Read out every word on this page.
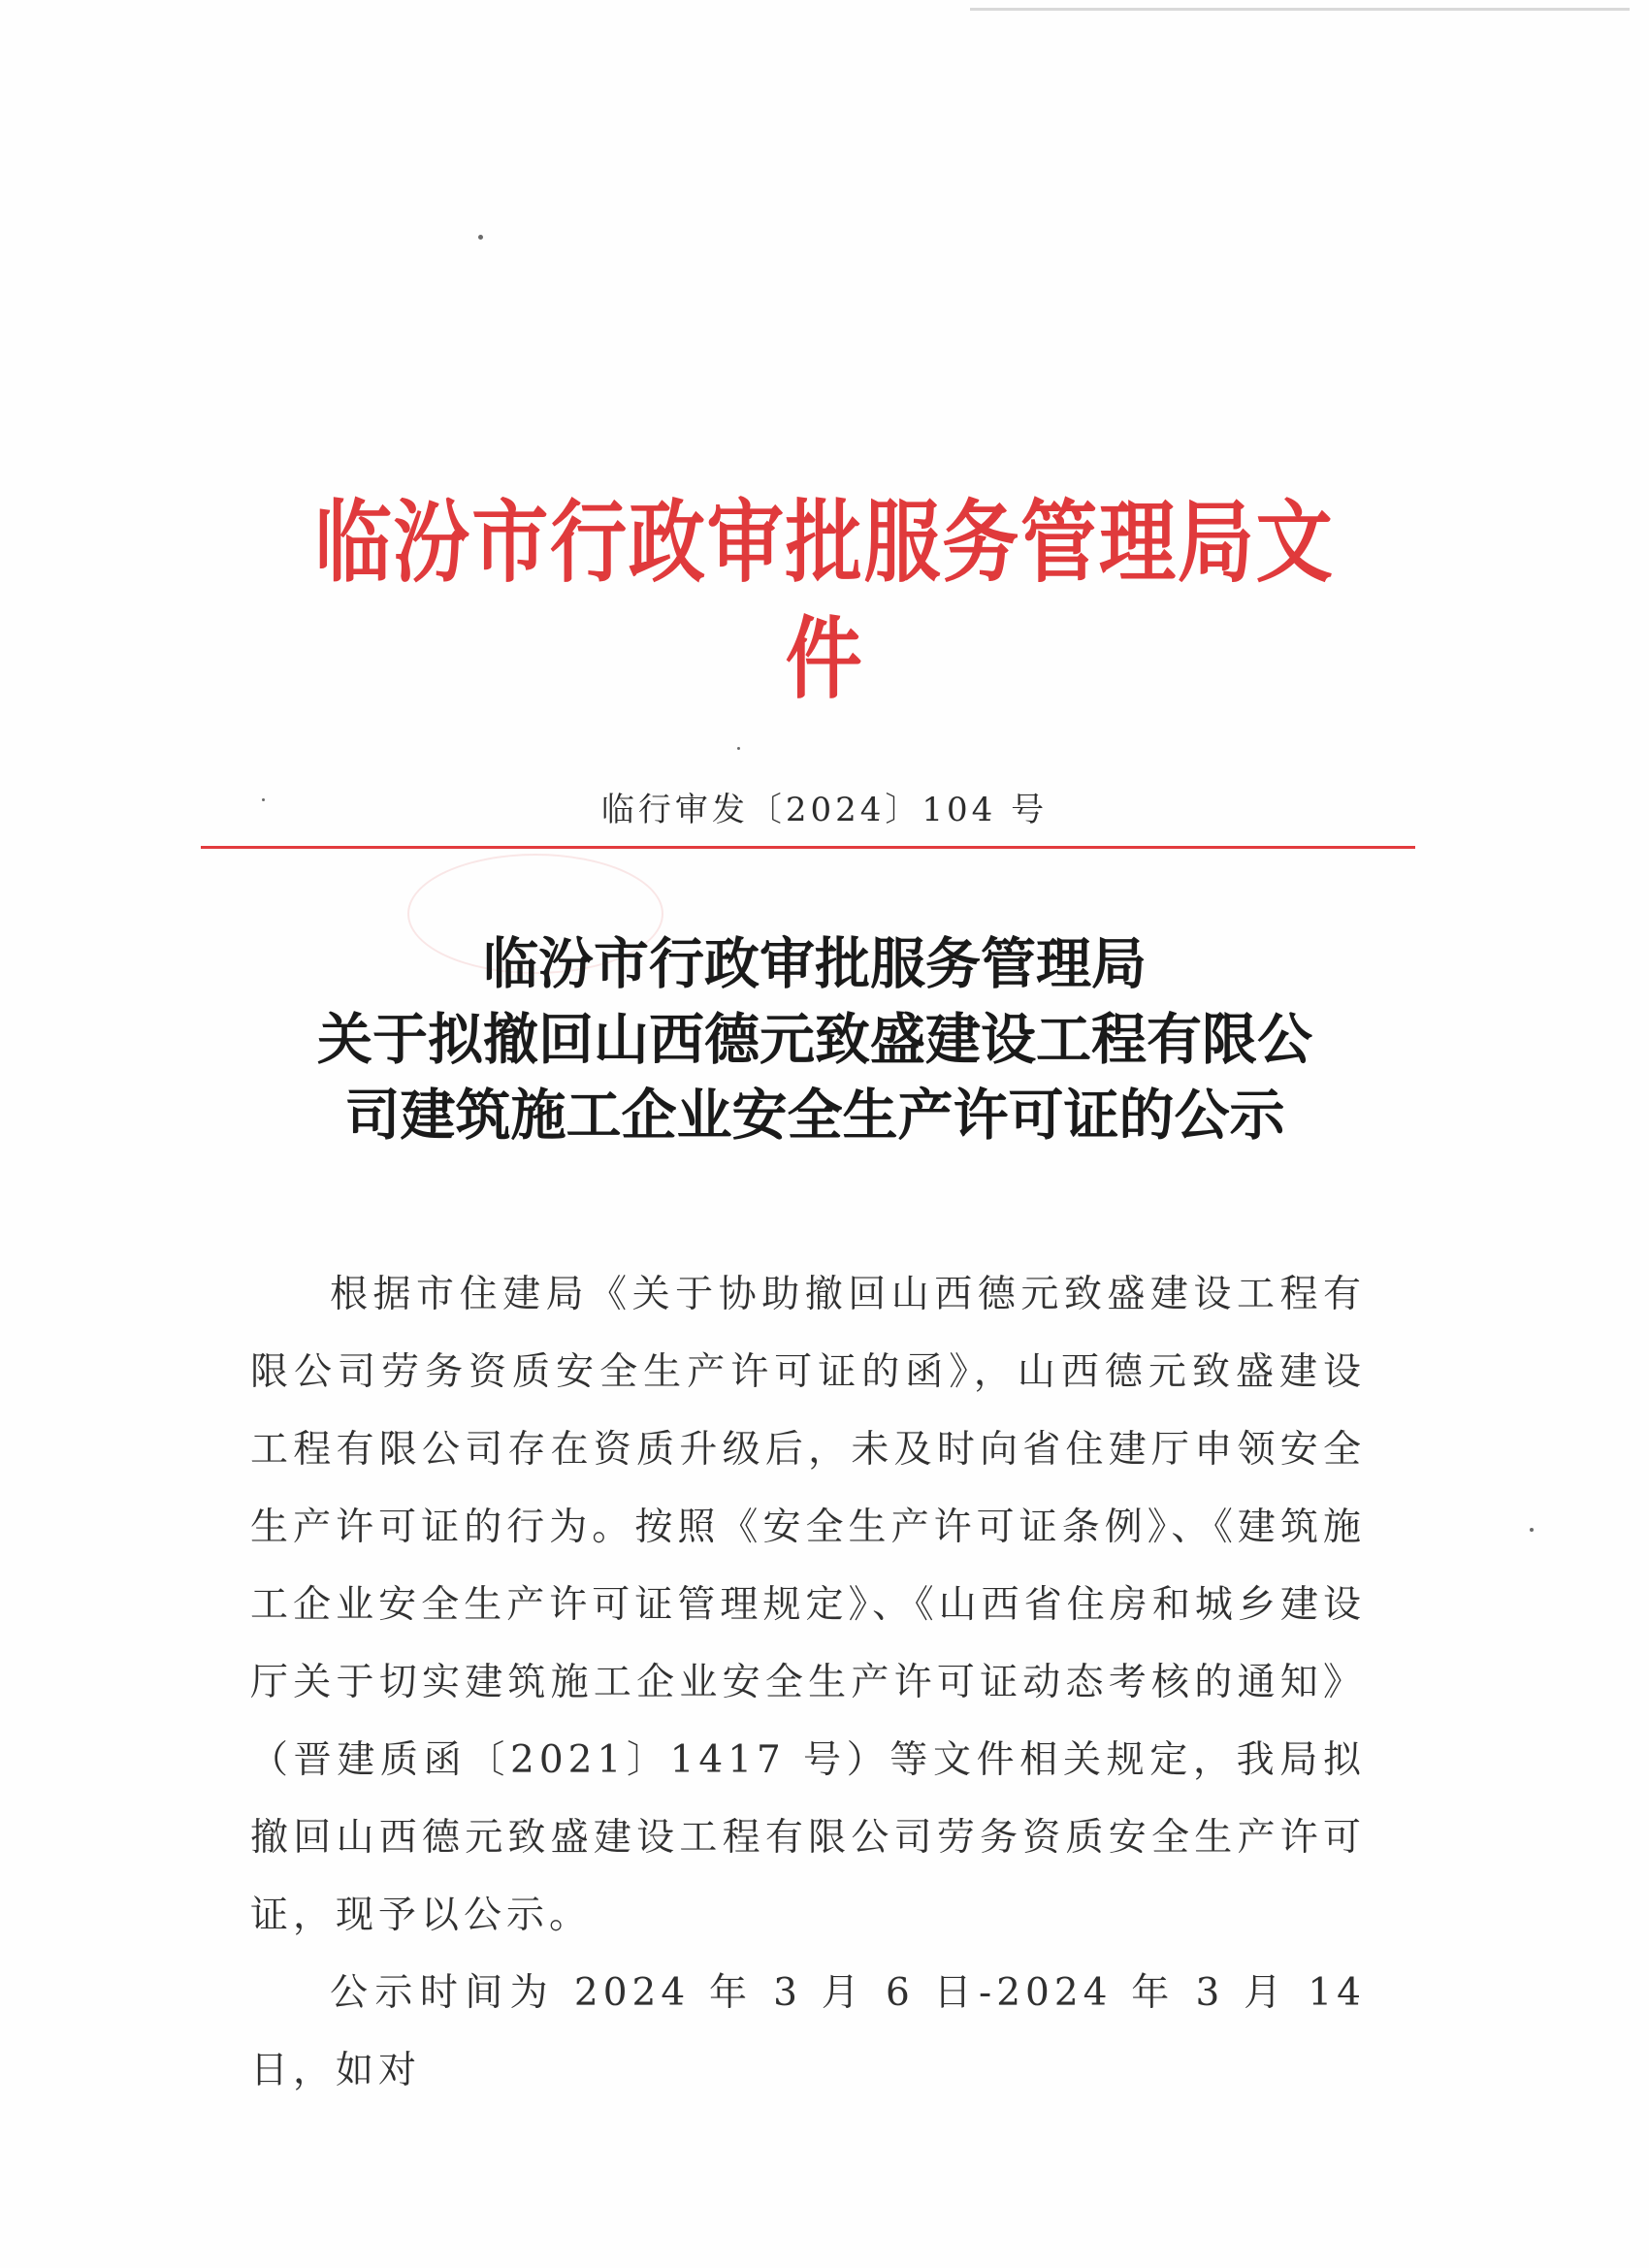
临汾市行政审批服务管理局文件
临行审发〔2024〕104 号
临汾市行政审批服务管理局
关于拟撤回山西德元致盛建设工程有限公
司建筑施工企业安全生产许可证的公示

根据市住建局《关于协助撤回山西德元致盛建设工程有限公司劳务资质安全生产许可证的函》，山西德元致盛建设工程有限公司存在资质升级后，未及时向省住建厅申领安全生产许可证的行为。按照《安全生产许可证条例》、《建筑施工企业安全生产许可证管理规定》、《山西省住房和城乡建设厅关于切实建筑施工企业安全生产许可证动态考核的通知》（晋建质函〔2021〕1417 号）等文件相关规定，我局拟撤回山西德元致盛建设工程有限公司劳务资质安全生产许可证，现予以公示。

公示时间为 2024 年 3 月 6 日-2024 年 3 月 14 日，如对
